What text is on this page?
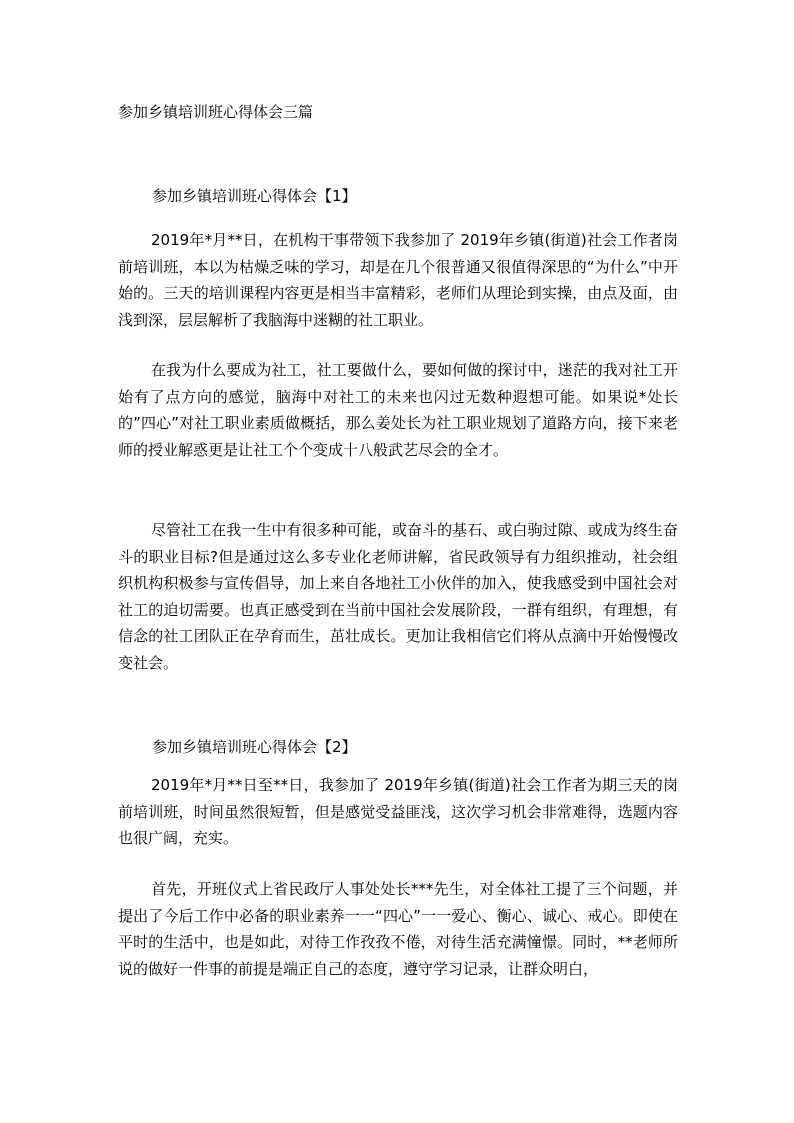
参加乡镇培训班心得体会三篇
参加乡镇培训班心得体会【1】

2019年*月**日，在机构干事带领下我参加了 2019年乡镇(街道)社会工作者岗前培训班，本以为枯燥乏味的学习，却是在几个很普通又很值得深思的“为什么”中开始的。三天的培训课程内容更是相当丰富精彩，老师们从理论到实操，由点及面，由浅到深，层层解析了我脑海中迷糊的社工职业。

在我为什么要成为社工，社工要做什么，要如何做的探讨中，迷茫的我对社工开始有了点方向的感觉，脑海中对社工的未来也闪过无数种遐想可能。如果说*处长的”四心”对社工职业素质做概括，那么姜处长为社工职业规划了道路方向，接下来老师的授业解惑更是让社工个个变成十八般武艺尽会的全才。

尽管社工在我一生中有很多种可能，或奋斗的基石、或白驹过隙、或成为终生奋斗的职业目标?但是通过这么多专业化老师讲解，省民政领导有力组织推动，社会组织机构积极参与宣传倡导，加上来自各地社工小伙伴的加入，使我感受到中国社会对社工的迫切需要。也真正感受到在当前中国社会发展阶段，一群有组织，有理想，有信念的社工团队正在孕育而生，茁壮成长。更加让我相信它们将从点滴中开始慢慢改变社会。

参加乡镇培训班心得体会【2】

2019年*月**日至**日，我参加了 2019年乡镇(街道)社会工作者为期三天的岗前培训班，时间虽然很短暂，但是感觉受益匪浅，这次学习机会非常难得，选题内容也很广阔，充实。

首先，开班仪式上省民政厅人事处处长***先生，对全体社工提了三个问题，并提出了今后工作中必备的职业素养一一“四心”一一爱心、衡心、诚心、戒心。即使在平时的生活中，也是如此，对待工作孜孜不倦，对待生活充满憧憬。同时，**老师所说的做好一件事的前提是端正自己的态度，遵守学习记录，让群众明白，
